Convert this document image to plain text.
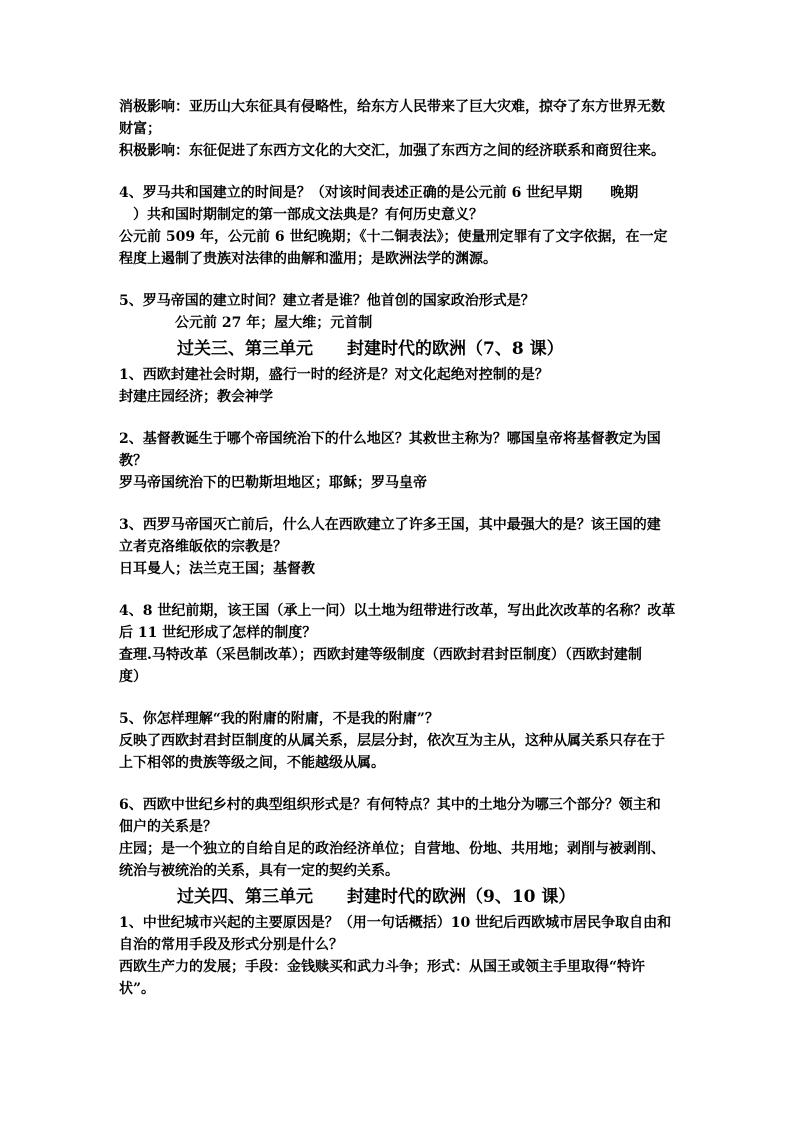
消极影响：亚历山大东征具有侵略性，给东方人民带来了巨大灾难，掠夺了东方世界无数
财富；
积极影响：东征促进了东西方文化的大交汇，加强了东西方之间的经济联系和商贸往来。
4、罗马共和国建立的时间是？（对该时间表述正确的是公元前 6 世纪早期　　晚期
　）共和国时期制定的第一部成文法典是？有何历史意义？
公元前 509 年，公元前 6 世纪晚期；《十二铜表法》；使量刑定罪有了文字依据，在一定
程度上遏制了贵族对法律的曲解和滥用；是欧洲法学的渊源。
5、罗马帝国的建立时间？建立者是谁？他首创的国家政治形式是？
公元前 27 年；屋大维；元首制
过关三、第三单元　　封建时代的欧洲（7、8 课）
1、西欧封建社会时期，盛行一时的经济是？对文化起绝对控制的是？
封建庄园经济；教会神学
2、基督教诞生于哪个帝国统治下的什么地区？其救世主称为？哪国皇帝将基督教定为国
教？
罗马帝国统治下的巴勒斯坦地区；耶稣；罗马皇帝
3、西罗马帝国灭亡前后，什么人在西欧建立了许多王国，其中最强大的是？该王国的建
立者克洛维皈依的宗教是？
日耳曼人；法兰克王国；基督教
4、8 世纪前期，该王国（承上一问）以土地为纽带进行改革，写出此次改革的名称？改革
后 11 世纪形成了怎样的制度？
查理.马特改革（采邑制改革）；西欧封建等级制度（西欧封君封臣制度）（西欧封建制
度）
5、你怎样理解“我的附庸的附庸，不是我的附庸”？
反映了西欧封君封臣制度的从属关系，层层分封，依次互为主从，这种从属关系只存在于
上下相邻的贵族等级之间，不能越级从属。
6、西欧中世纪乡村的典型组织形式是？有何特点？其中的土地分为哪三个部分？领主和
佃户的关系是？
庄园；是一个独立的自给自足的政治经济单位；自营地、份地、共用地；剥削与被剥削、
统治与被统治的关系，具有一定的契约关系。
过关四、第三单元　　封建时代的欧洲（9、10 课）
1、中世纪城市兴起的主要原因是？（用一句话概括）10 世纪后西欧城市居民争取自由和
自治的常用手段及形式分别是什么？
西欧生产力的发展；手段：金钱赎买和武力斗争；形式：从国王或领主手里取得“特许
状”。
